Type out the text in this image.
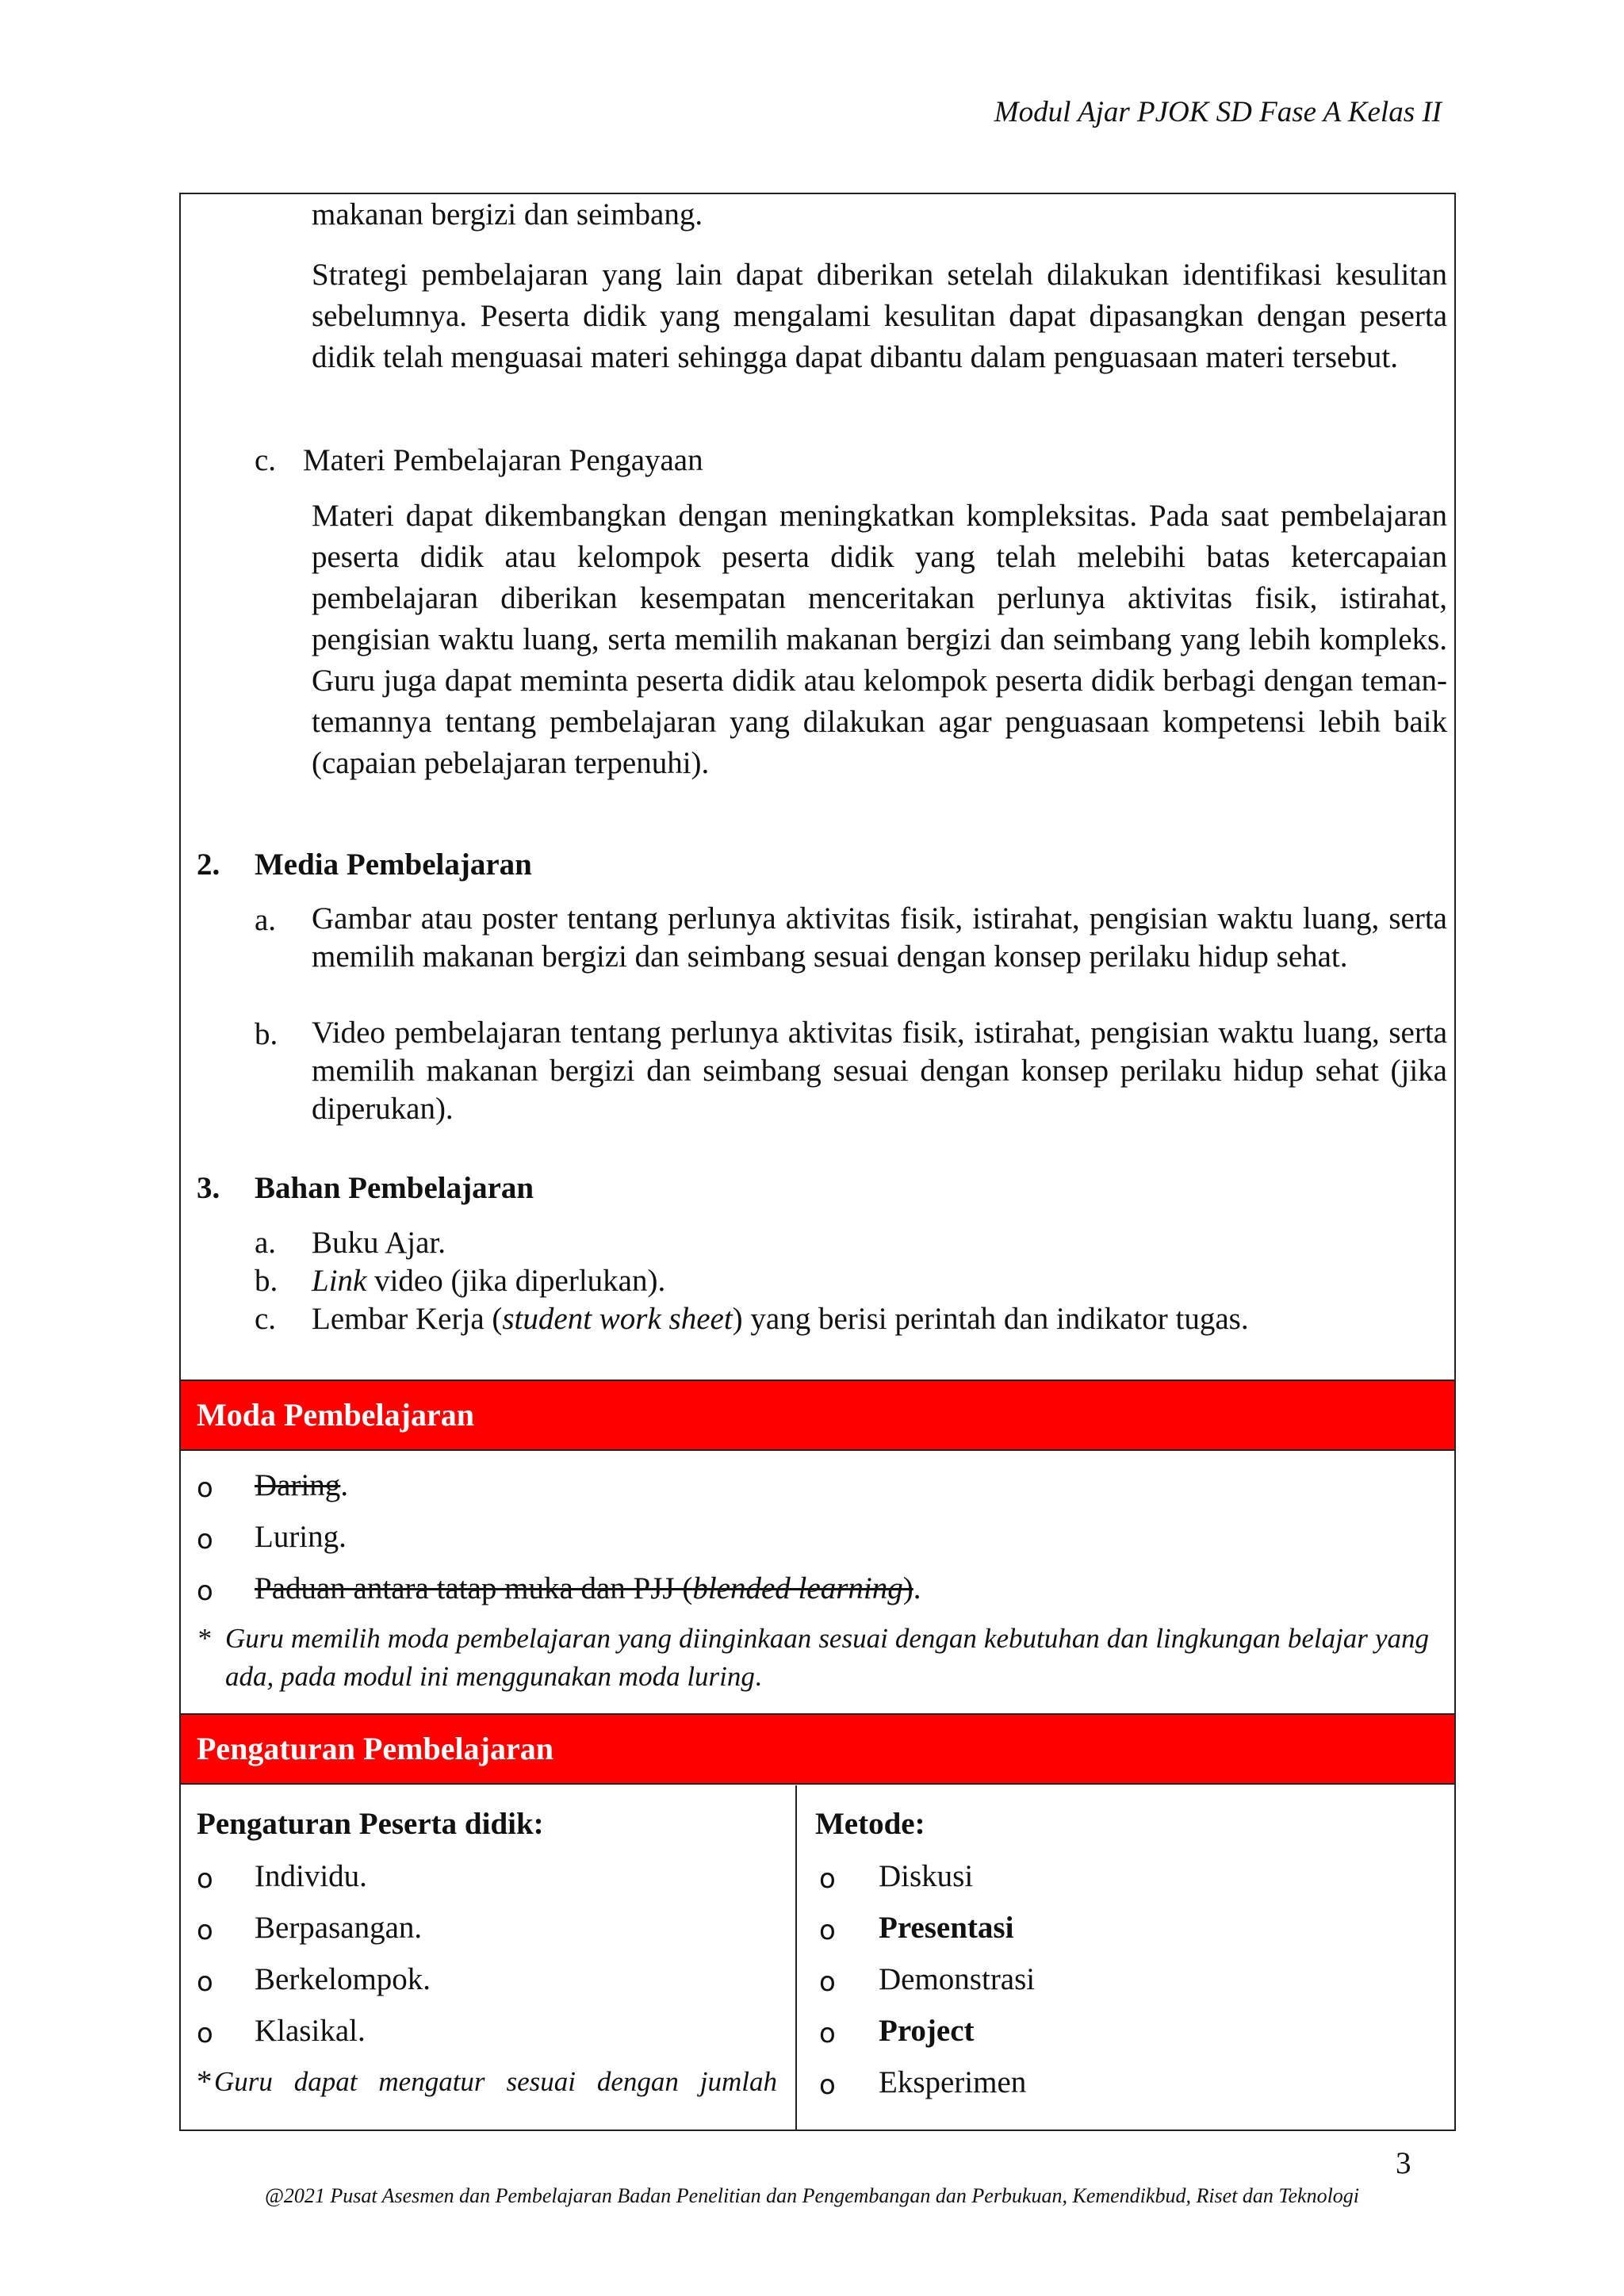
Modul Ajar PJOK SD Fase A Kelas II

makanan bergizi dan seimbang.

Strategi pembelajaran yang lain dapat diberikan setelah dilakukan identifikasi kesulitan sebelumnya. Peserta didik yang mengalami kesulitan dapat dipasangkan dengan peserta didik telah menguasai materi sehingga dapat dibantu dalam penguasaan materi tersebut.

c. Materi Pembelajaran Pengayaan

Materi dapat dikembangkan dengan meningkatkan kompleksitas. Pada saat pembelajaran peserta didik atau kelompok peserta didik yang telah melebihi batas ketercapaian pembelajaran diberikan kesempatan menceritakan perlunya aktivitas fisik, istirahat, pengisian waktu luang, serta memilih makanan bergizi dan seimbang yang lebih kompleks. Guru juga dapat meminta peserta didik atau kelompok peserta didik berbagi dengan teman-temannya tentang pembelajaran yang dilakukan agar penguasaan kompetensi lebih baik (capaian pebelajaran terpenuhi).

2. Media Pembelajaran
a. Gambar atau poster tentang perlunya aktivitas fisik, istirahat, pengisian waktu luang, serta memilih makanan bergizi dan seimbang sesuai dengan konsep perilaku hidup sehat.

b. Video pembelajaran tentang perlunya aktivitas fisik, istirahat, pengisian waktu luang, serta memilih makanan bergizi dan seimbang sesuai dengan konsep perilaku hidup sehat (jika diperukan).

3. Bahan Pembelajaran
a. Buku Ajar.
b. Link video (jika diperlukan).
c. Lembar Kerja (student work sheet) yang berisi perintah dan indikator tugas.
Moda Pembelajaran
o Daring.
o Luring.
o Paduan antara tatap muka dan PJJ (blended learning).
* Guru memilih moda pembelajaran yang diinginkaan sesuai dengan kebutuhan dan lingkungan belajar yang ada, pada modul ini menggunakan moda luring.

Pengaturan Pembelajaran
Pengaturan Peserta didik:
o Individu.
o Berpasangan.
o Berkelompok.
o Klasikal.
* Guru dapat mengatur sesuai dengan jumlah

Metode:
o Diskusi
o Presentasi
o Demonstrasi
o Project
o Eksperimen
3
@2021 Pusat Asesmen dan Pembelajaran Badan Penelitian dan Pengembangan dan Perbukuan, Kemendikbud, Riset dan Teknologi
